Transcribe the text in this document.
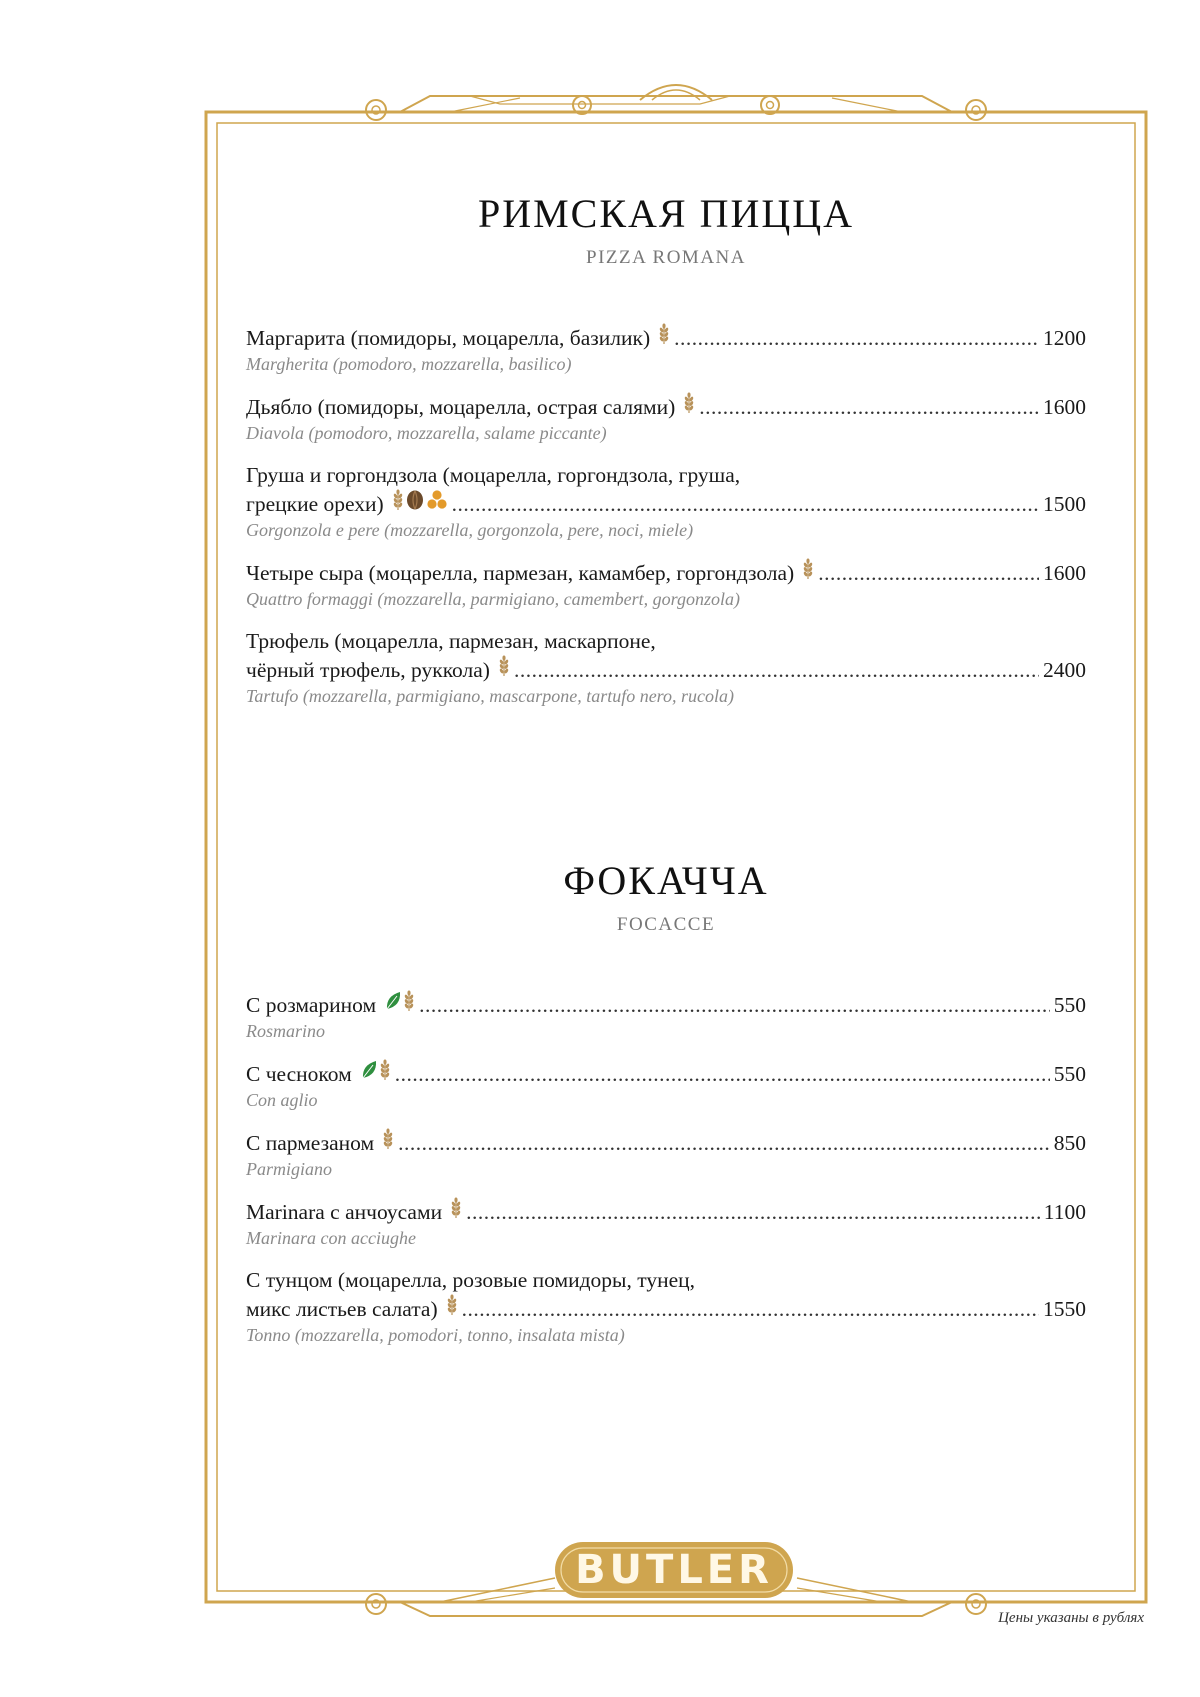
BUTLER
РИМСКАЯ ПИЦЦА
PIZZA ROMANA
Маргарита (помидоры, моцарелла, базилик) .....	1200
Margherita (pomodoro, mozzarella, basilico)
Дьябло (помидоры, моцарелла, острая салями) .....	1600
Diavola (pomodoro, mozzarella, salame piccante)
Груша и горгондзола (моцарелла, горгондзола, груша,
грецкие орехи) .....	1500
Gorgonzola e pere (mozzarella, gorgonzola, pere, noci, miele)
Четыре сыра (моцарелла, пармезан, камамбер, горгондзола) .....	1600
Quattro formaggi (mozzarella, parmigiano, camembert, gorgonzola)
Трюфель (моцарелла, пармезан, маскарпоне,
чёрный трюфель, руккола) .....	2400
Tartufo (mozzarella, parmigiano, mascarpone, tartufo nero, rucola)
ФОКАЧЧА
FOCACCE
С розмарином .....	550
Rosmarino
С чесноком .....	550
Con aglio
С пармезаном .....	850
Parmigiano
Marinara с анчоусами .....	1100
Marinara con acciughe
С тунцом (моцарелла, розовые помидоры, тунец,
микс листьев салата) .....	1550
Tonno (mozzarella, pomodori, tonno, insalata mista)
Цены указаны в рублях
